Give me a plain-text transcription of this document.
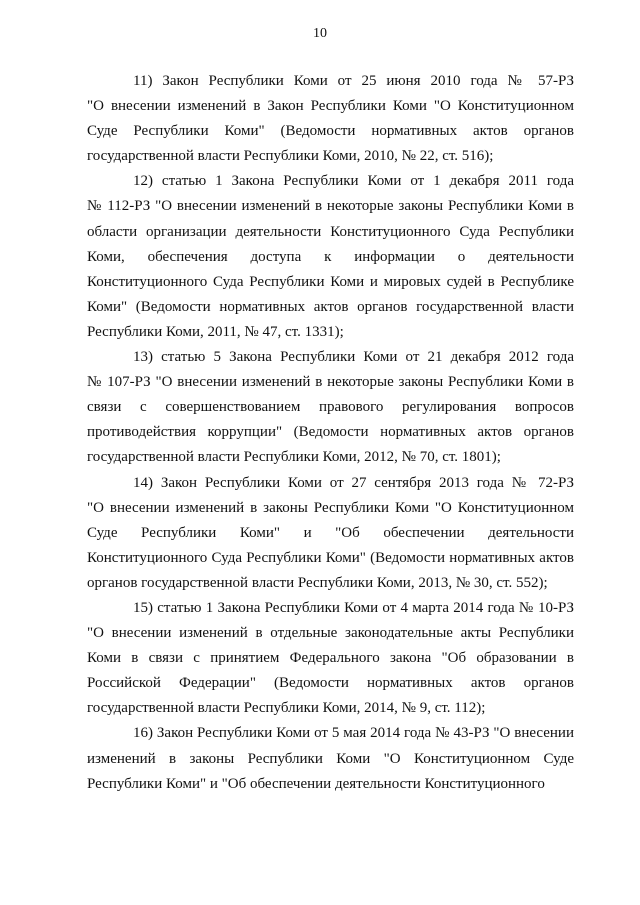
10
11) Закон Республики Коми от 25 июня 2010 года № 57-РЗ
"О внесении изменений в Закон Республики Коми "О Конституционном
Суде Республики Коми" (Ведомости нормативных актов органов
государственной власти Республики Коми, 2010, № 22, ст. 516);
12) статью 1 Закона Республики Коми от 1 декабря 2011 года
№ 112-РЗ "О внесении изменений в некоторые законы Республики Коми в
области организации деятельности Конституционного Суда Республики
Коми, обеспечения доступа к информации о деятельности
Конституционного Суда Республики Коми и мировых судей в Республике
Коми" (Ведомости нормативных актов органов государственной власти
Республики Коми, 2011, № 47, ст. 1331);
13) статью 5 Закона Республики Коми от 21 декабря 2012 года
№ 107-РЗ "О внесении изменений в некоторые законы Республики Коми в
связи с совершенствованием правового регулирования вопросов
противодействия коррупции" (Ведомости нормативных актов органов
государственной власти Республики Коми, 2012, № 70, ст. 1801);
14) Закон Республики Коми от 27 сентября 2013 года № 72-РЗ
"О внесении изменений в законы Республики Коми "О Конституционном
Суде Республики Коми" и "Об обеспечении деятельности
Конституционного Суда Республики Коми" (Ведомости нормативных актов
органов государственной власти Республики Коми, 2013, № 30, ст. 552);
15) статью 1 Закона Республики Коми от 4 марта 2014 года № 10-РЗ
"О внесении изменений в отдельные законодательные акты Республики
Коми в связи с принятием Федерального закона "Об образовании в
Российской Федерации" (Ведомости нормативных актов органов
государственной власти Республики Коми, 2014, № 9, ст. 112);
16) Закон Республики Коми от 5 мая 2014 года № 43-РЗ "О внесении
изменений в законы Республики Коми "О Конституционном Суде
Республики Коми" и "Об обеспечении деятельности Конституционного
